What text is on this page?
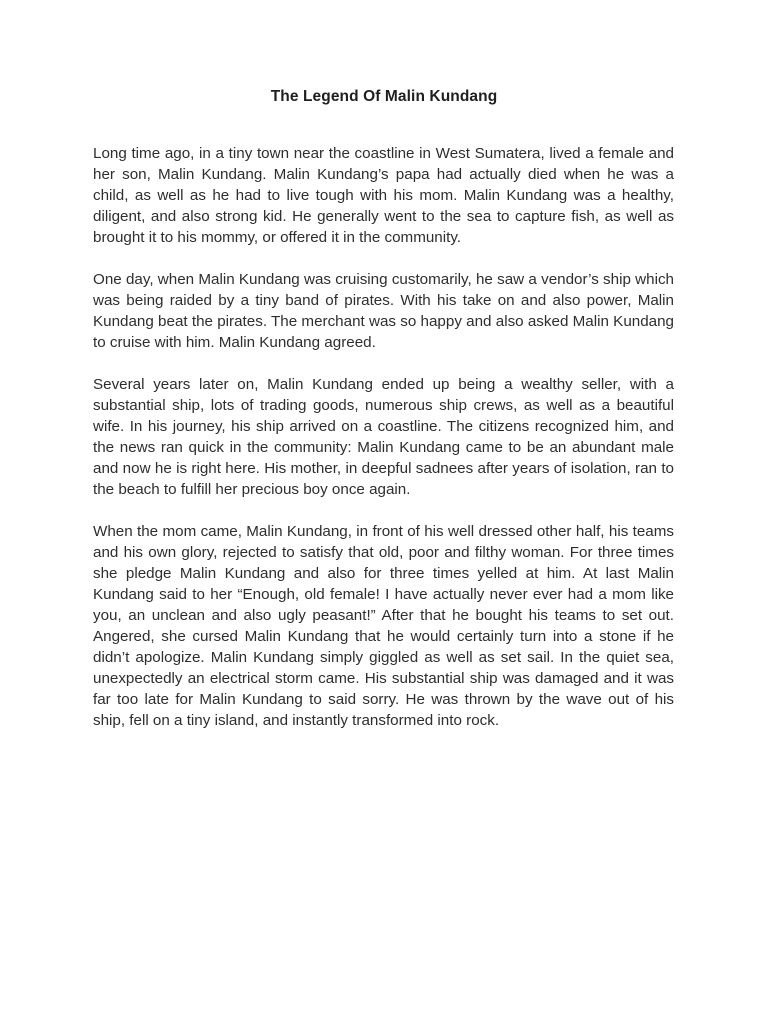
The Legend Of Malin Kundang

Long time ago, in a tiny town near the coastline in West Sumatera, lived a female and her son, Malin Kundang. Malin Kundang’s papa had actually died when he was a child, as well as he had to live tough with his mom. Malin Kundang was a healthy, diligent, and also strong kid. He generally went to the sea to capture fish, as well as brought it to his mommy, or offered it in the community.

One day, when Malin Kundang was cruising customarily, he saw a vendor’s ship which was being raided by a tiny band of pirates. With his take on and also power, Malin Kundang beat the pirates. The merchant was so happy and also asked Malin Kundang to cruise with him. Malin Kundang agreed.

Several years later on, Malin Kundang ended up being a wealthy seller, with a substantial ship, lots of trading goods, numerous ship crews, as well as a beautiful wife. In his journey, his ship arrived on a coastline. The citizens recognized him, and the news ran quick in the community: Malin Kundang came to be an abundant male and now he is right here. His mother, in deepful sadnees after years of isolation, ran to the beach to fulfill her precious boy once again.

When the mom came, Malin Kundang, in front of his well dressed other half, his teams and his own glory, rejected to satisfy that old, poor and filthy woman. For three times she pledge Malin Kundang and also for three times yelled at him. At last Malin Kundang said to her “Enough, old female! I have actually never ever had a mom like you, an unclean and also ugly peasant!” After that he bought his teams to set out. Angered, she cursed Malin Kundang that he would certainly turn into a stone if he didn’t apologize. Malin Kundang simply giggled as well as set sail. In the quiet sea, unexpectedly an electrical storm came. His substantial ship was damaged and it was far too late for Malin Kundang to said sorry. He was thrown by the wave out of his ship, fell on a tiny island, and instantly transformed into rock.
